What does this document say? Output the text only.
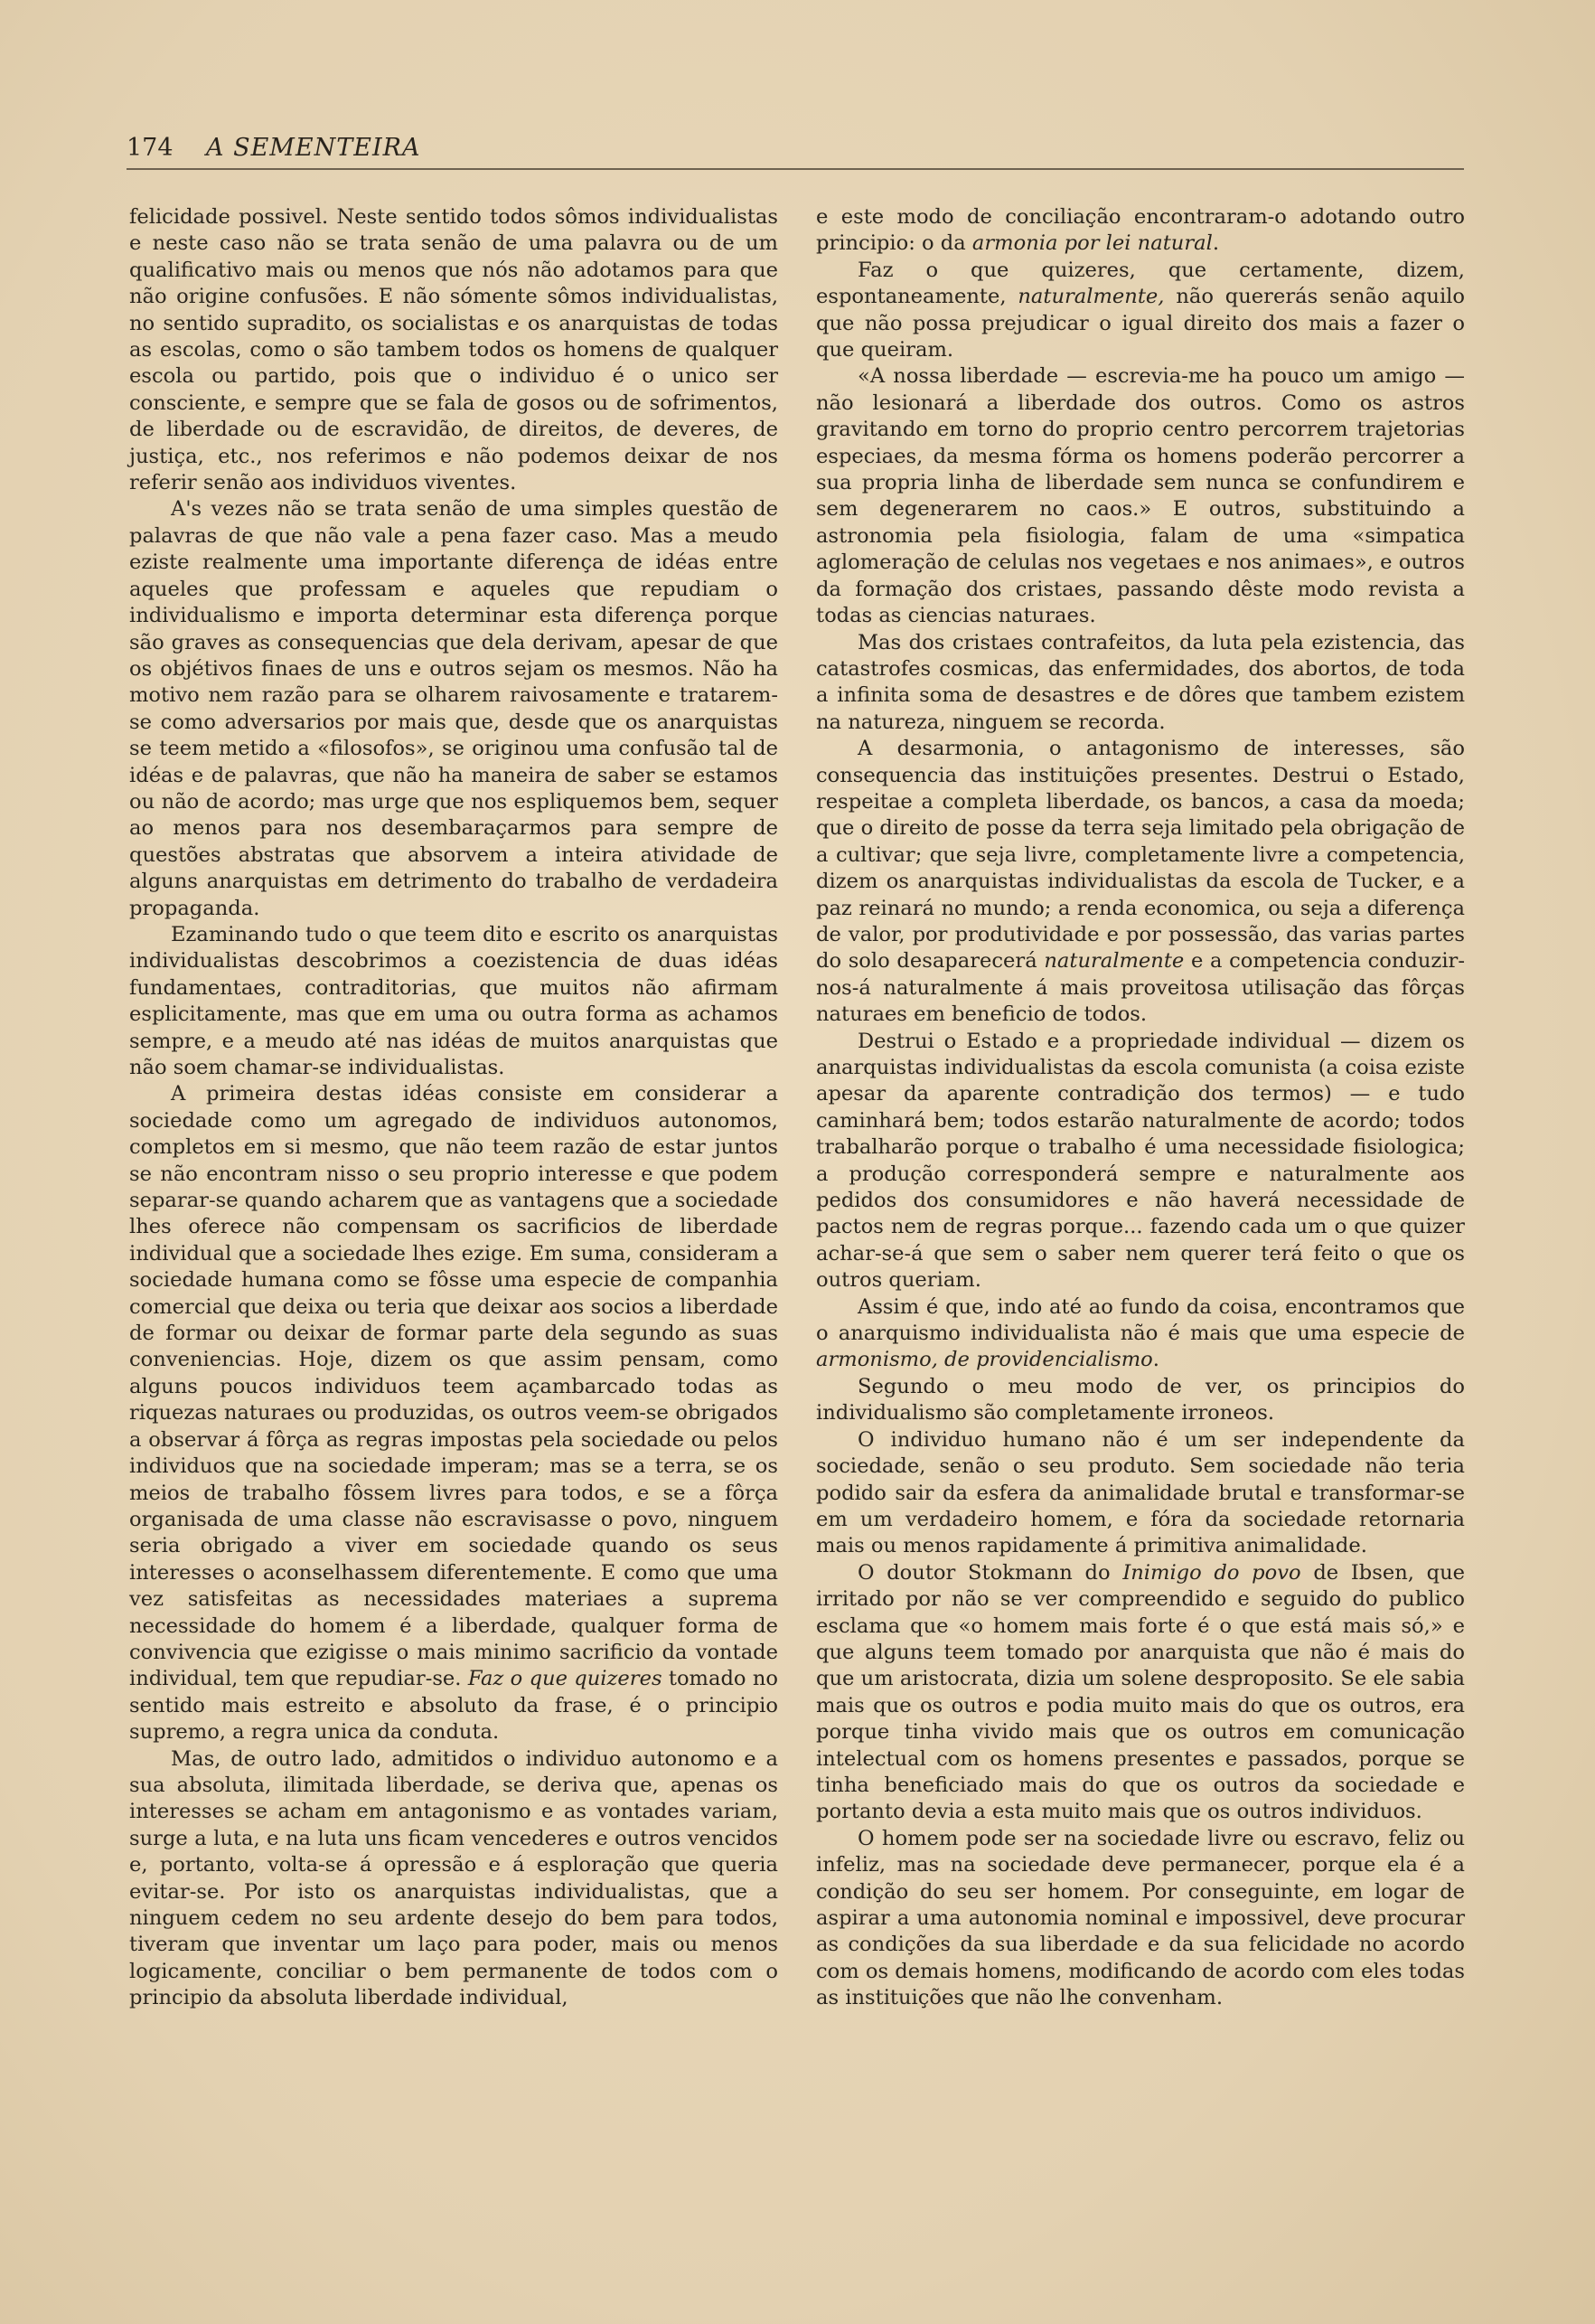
174 A SEMENTEIRA

felicidade possivel. Neste sentido todos sômos individualistas e neste caso não se trata senão de uma palavra ou de um qualificativo mais ou menos que nós não adotamos para que não origine confusões. E não sómente sômos individualistas, no sentido supradito, os socialistas e os anarquistas de todas as escolas, como o são tambem todos os homens de qualquer escola ou partido, pois que o individuo é o unico ser consciente, e sempre que se fala de gosos ou de sofrimentos, de liberdade ou de escravidão, de direitos, de deveres, de justiça, etc., nos referimos e não podemos deixar de nos referir senão aos individuos viventes.

A's vezes não se trata senão de uma simples questão de palavras de que não vale a pena fazer caso. Mas a meudo eziste realmente uma importante diferença de idéas entre aqueles que professam e aqueles que repudiam o individualismo e importa determinar esta diferença porque são graves as consequencias que dela derivam, apesar de que os objétivos finaes de uns e outros sejam os mesmos. Não ha motivo nem razão para se olharem raivosamente e tratarem-se como adversarios por mais que, desde que os anarquistas se teem metido a «filosofos», se originou uma confusão tal de idéas e de palavras, que não ha maneira de saber se estamos ou não de acordo; mas urge que nos espliquemos bem, sequer ao menos para nos desembaraçarmos para sempre de questões abstratas que absorvem a inteira atividade de alguns anarquistas em detrimento do trabalho de verdadeira propaganda.

Ezaminando tudo o que teem dito e escrito os anarquistas individualistas descobrimos a coezistencia de duas idéas fundamentaes, contraditorias, que muitos não afirmam esplicitamente, mas que em uma ou outra forma as achamos sempre, e a meudo até nas idéas de muitos anarquistas que não soem chamar-se individualistas.

A primeira destas idéas consiste em considerar a sociedade como um agregado de individuos autonomos, completos em si mesmo, que não teem razão de estar juntos se não encontram nisso o seu proprio interesse e que podem separar-se quando acharem que as vantagens que a sociedade lhes oferece não compensam os sacrificios de liberdade individual que a sociedade lhes ezige. Em suma, consideram a sociedade humana como se fôsse uma especie de companhia comercial que deixa ou teria que deixar aos socios a liberdade de formar ou deixar de formar parte dela segundo as suas conveniencias. Hoje, dizem os que assim pensam, como alguns poucos individuos teem açambarcado todas as riquezas naturaes ou produzidas, os outros veem-se obrigados a observar á fôrça as regras impostas pela sociedade ou pelos individuos que na sociedade imperam; mas se a terra, se os meios de trabalho fôssem livres para todos, e se a fôrça organisada de uma classe não escravisasse o povo, ninguem seria obrigado a viver em sociedade quando os seus interesses o aconselhassem diferentemente. E como que uma vez satisfeitas as necessidades materiaes a suprema necessidade do homem é a liberdade, qualquer forma de convivencia que ezigisse o mais minimo sacrificio da vontade individual, tem que repudiar-se. Faz o que quizeres tomado no sentido mais estreito e absoluto da frase, é o principio supremo, a regra unica da conduta.

Mas, de outro lado, admitidos o individuo autonomo e a sua absoluta, ilimitada liberdade, se deriva que, apenas os interesses se acham em antagonismo e as vontades variam, surge a luta, e na luta uns ficam vencederes e outros vencidos e, portanto, volta-se á opressão e á esploração que queria evitar-se. Por isto os anarquistas individualistas, que a ninguem cedem no seu ardente desejo do bem para todos, tiveram que inventar um laço para poder, mais ou menos logicamente, conciliar o bem permanente de todos com o principio da absoluta liberdade individual,

e este modo de conciliação encontraram-o adotando outro principio: o da armonia por lei natural.

Faz o que quizeres, que certamente, dizem, espontaneamente, naturalmente, não quererás senão aquilo que não possa prejudicar o igual direito dos mais a fazer o que queiram.

«A nossa liberdade — escrevia-me ha pouco um amigo — não lesionará a liberdade dos outros. Como os astros gravitando em torno do proprio centro percorrem trajetorias especiaes, da mesma fórma os homens poderão percorrer a sua propria linha de liberdade sem nunca se confundirem e sem degenerarem no caos.» E outros, substituindo a astronomia pela fisiologia, falam de uma «simpatica aglomeração de celulas nos vegetaes e nos animaes», e outros da formação dos cristaes, passando dêste modo revista a todas as ciencias naturaes.

Mas dos cristaes contrafeitos, da luta pela ezistencia, das catastrofes cosmicas, das enfermidades, dos abortos, de toda a infinita soma de desastres e de dôres que tambem ezistem na natureza, ninguem se recorda.

A desarmonia, o antagonismo de interesses, são consequencia das instituições presentes. Destrui o Estado, respeitae a completa liberdade, os bancos, a casa da moeda; que o direito de posse da terra seja limitado pela obrigação de a cultivar; que seja livre, completamente livre a competencia, dizem os anarquistas individualistas da escola de Tucker, e a paz reinará no mundo; a renda economica, ou seja a diferença de valor, por produtividade e por possessão, das varias partes do solo desaparecerá naturalmente e a competencia conduzir-nos-á naturalmente á mais proveitosa utilisação das fôrças naturaes em beneficio de todos.

Destrui o Estado e a propriedade individual — dizem os anarquistas individualistas da escola comunista (a coisa eziste apesar da aparente contradição dos termos) — e tudo caminhará bem; todos estarão naturalmente de acordo; todos trabalharão porque o trabalho é uma necessidade fisiologica; a produção corresponderá sempre e naturalmente aos pedidos dos consumidores e não haverá necessidade de pactos nem de regras porque... fazendo cada um o que quizer achar-se-á que sem o saber nem querer terá feito o que os outros queriam.

Assim é que, indo até ao fundo da coisa, encontramos que o anarquismo individualista não é mais que uma especie de armonismo, de providencialismo.

Segundo o meu modo de ver, os principios do individualismo são completamente irroneos.

O individuo humano não é um ser independente da sociedade, senão o seu produto. Sem sociedade não teria podido sair da esfera da animalidade brutal e transformar-se em um verdadeiro homem, e fóra da sociedade retornaria mais ou menos rapidamente á primitiva animalidade.

O doutor Stokmann do Inimigo do povo de Ibsen, que irritado por não se ver compreendido e seguido do publico esclama que «o homem mais forte é o que está mais só,» e que alguns teem tomado por anarquista que não é mais do que um aristocrata, dizia um solene desproposito. Se ele sabia mais que os outros e podia muito mais do que os outros, era porque tinha vivido mais que os outros em comunicação intelectual com os homens presentes e passados, porque se tinha beneficiado mais do que os outros da sociedade e portanto devia a esta muito mais que os outros individuos.

O homem pode ser na sociedade livre ou escravo, feliz ou infeliz, mas na sociedade deve permanecer, porque ela é a condição do seu ser homem. Por conseguinte, em logar de aspirar a uma autonomia nominal e impossivel, deve procurar as condições da sua liberdade e da sua felicidade no acordo com os demais homens, modificando de acordo com eles todas as instituições que não lhe convenham.
